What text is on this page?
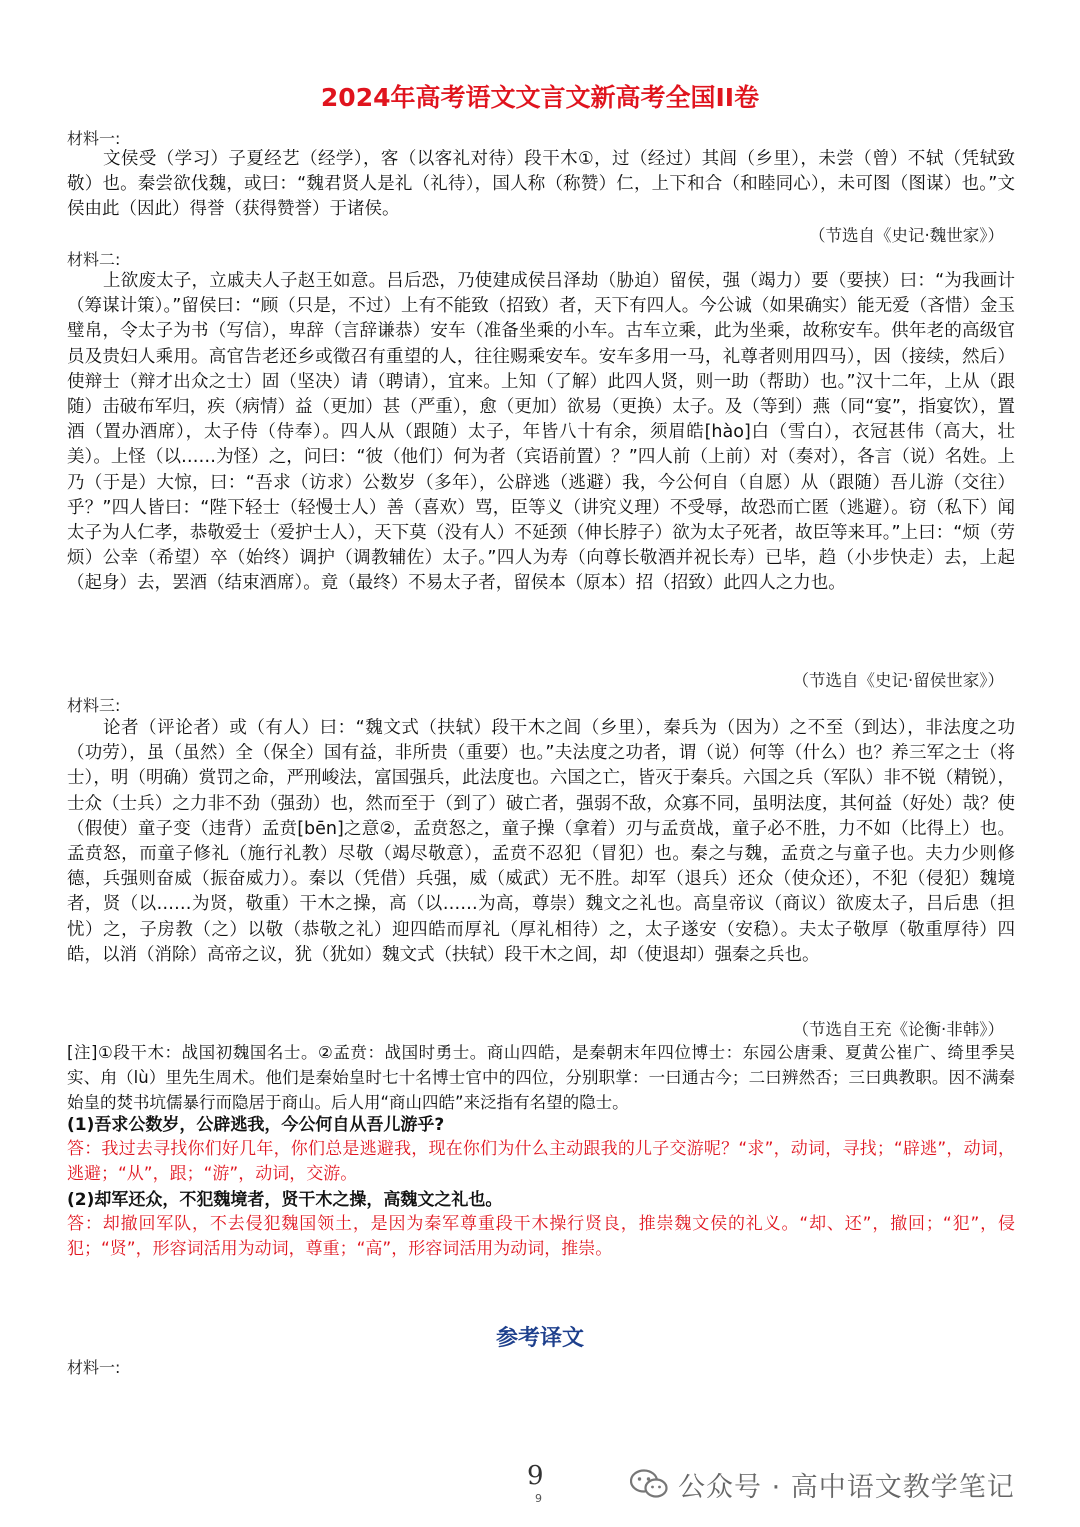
2024年高考语文文言文新高考全国II卷
材料一:
文侯受（学习）子夏经艺（经学），客（以客礼对待）段干木①，过（经过）其闾（乡里），未尝（曾）不轼（凭轼致敬）也。秦尝欲伐魏，或曰：“魏君贤人是礼（礼待），国人称（称赞）仁，上下和合（和睦同心），未可图（图谋）也。”文侯由此（因此）得誉（获得赞誉）于诸侯。
（节选自《史记·魏世家》）
材料二:
上欲废太子，立戚夫人子赵王如意。吕后恐，乃使建成侯吕泽劫（胁迫）留侯，强（竭力）要（要挟）曰：“为我画计（筹谋计策）。”留侯曰：“顾（只是，不过）上有不能致（招致）者，天下有四人。今公诚（如果确实）能无爱（吝惜）金玉璧帛，令太子为书（写信），卑辞（言辞谦恭）安车（准备坐乘的小车。古车立乘，此为坐乘，故称安车。供年老的高级官员及贵妇人乘用。高官告老还乡或徵召有重望的人，往往赐乘安车。安车多用一马，礼尊者则用四马），因（接续，然后）使辩士（辩才出众之士）固（坚决）请（聘请），宜来。上知（了解）此四人贤，则一助（帮助）也。”汉十二年，上从（跟随）击破布军归，疾（病情）益（更加）甚（严重），愈（更加）欲易（更换）太子。及（等到）燕（同“宴”，指宴饮），置酒（置办酒席），太子侍（侍奉）。四人从（跟随）太子，年皆八十有余，须眉皓[hào]白（雪白），衣冠甚伟（高大，壮美）。上怪（以……为怪）之，问曰：“彼（他们）何为者（宾语前置）？”四人前（上前）对（奏对），各言（说）名姓。上乃（于是）大惊，曰：“吾求（访求）公数岁（多年），公辟逃（逃避）我，今公何自（自愿）从（跟随）吾儿游（交往）乎？”四人皆曰：“陛下轻士（轻慢士人）善（喜欢）骂，臣等义（讲究义理）不受辱，故恐而亡匿（逃避）。窃（私下）闻太子为人仁孝，恭敬爱士（爱护士人），天下莫（没有人）不延颈（伸长脖子）欲为太子死者，故臣等来耳。”上曰：“烦（劳烦）公幸（希望）卒（始终）调护（调教辅佐）太子。”四人为寿（向尊长敬酒并祝长寿）已毕，趋（小步快走）去，上起（起身）去，罢酒（结束酒席）。竟（最终）不易太子者，留侯本（原本）招（招致）此四人之力也。
（节选自《史记·留侯世家》）
材料三:
论者（评论者）或（有人）曰：“魏文式（扶轼）段干木之闾（乡里），秦兵为（因为）之不至（到达），非法度之功（功劳），虽（虽然）全（保全）国有益，非所贵（重要）也。”夫法度之功者，谓（说）何等（什么）也？养三军之士（将士），明（明确）赏罚之命，严刑峻法，富国强兵，此法度也。六国之亡，皆灭于秦兵。六国之兵（军队）非不锐（精锐），士众（士兵）之力非不劲（强劲）也，然而至于（到了）破亡者，强弱不敌，众寡不同，虽明法度，其何益（好处）哉？使（假使）童子变（违背）孟贲[bēn]之意②，孟贲怒之，童子操（拿着）刃与孟贲战，童子必不胜，力不如（比得上）也。孟贲怒，而童子修礼（施行礼教）尽敬（竭尽敬意），孟贲不忍犯（冒犯）也。秦之与魏，孟贲之与童子也。夫力少则修德，兵强则奋威（振奋威力）。秦以（凭借）兵强，威（威武）无不胜。却军（退兵）还众（使众还），不犯（侵犯）魏境者，贤（以……为贤，敬重）干木之操，高（以……为高，尊崇）魏文之礼也。高皇帝议（商议）欲废太子，吕后患（担忧）之，子房教（之）以敬（恭敬之礼）迎四皓而厚礼（厚礼相待）之，太子遂安（安稳）。夫太子敬厚（敬重厚待）四皓，以消（消除）高帝之议，犹（犹如）魏文式（扶轼）段干木之闾，却（使退却）强秦之兵也。
（节选自王充《论衡·非韩》）
[注]①段干木：战国初魏国名士。②孟贲：战国时勇士。商山四皓，是秦朝末年四位博士：东园公唐秉、夏黄公崔广、绮里季吴实、甪（lù）里先生周术。他们是秦始皇时七十名博士官中的四位，分别职掌：一曰通古今；二曰辨然否；三曰典教职。因不满秦始皇的焚书坑儒暴行而隐居于商山。后人用“商山四皓”来泛指有名望的隐士。
(1)吾求公数岁，公辟逃我，今公何自从吾儿游乎?
答：我过去寻找你们好几年，你们总是逃避我，现在你们为什么主动跟我的儿子交游呢？“求”，动词，寻找；“辟逃”，动词，逃避；“从”，跟；“游”，动词，交游。
(2)却军还众，不犯魏境者，贤干木之操，高魏文之礼也。
答：却撤回军队，不去侵犯魏国领土，是因为秦军尊重段干木操行贤良，推崇魏文侯的礼义。“却、还”，撤回；“犯”，侵犯；“贤”，形容词活用为动词，尊重；“高”，形容词活用为动词，推崇。
参考译文
材料一:
9
9	公众号 · 高中语文教学笔记
